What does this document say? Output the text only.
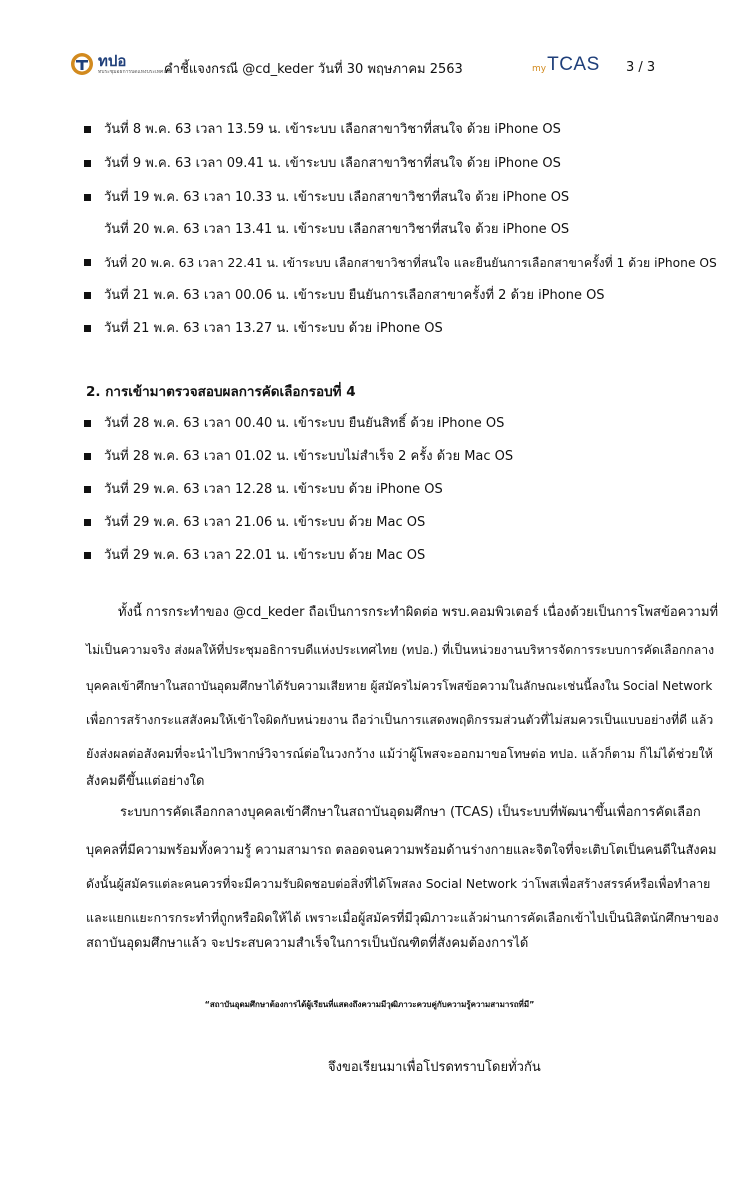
ทปอ
ที่ประชุมอธิการบดีแห่งประเทศไทย
คำชี้แจงกรณี @cd_keder วันที่ 30 พฤษภาคม 2563	my TCAS 3 / 3
วันที่ 8 พ.ค. 63 เวลา 13.59 น. เข้าระบบ เลือกสาขาวิชาที่สนใจ ด้วย iPhone OS
วันที่ 9 พ.ค. 63 เวลา 09.41 น. เข้าระบบ เลือกสาขาวิชาที่สนใจ ด้วย iPhone OS
วันที่ 19 พ.ค. 63 เวลา 10.33 น. เข้าระบบ เลือกสาขาวิชาที่สนใจ ด้วย iPhone OS
วันที่ 20 พ.ค. 63 เวลา 13.41 น. เข้าระบบ เลือกสาขาวิชาที่สนใจ ด้วย iPhone OS
วันที่ 20 พ.ค. 63 เวลา 22.41 น. เข้าระบบ เลือกสาขาวิชาที่สนใจ และยืนยันการเลือกสาขาครั้งที่ 1 ด้วย iPhone OS
วันที่ 21 พ.ค. 63 เวลา 00.06 น. เข้าระบบ ยืนยันการเลือกสาขาครั้งที่ 2 ด้วย iPhone OS
วันที่ 21 พ.ค. 63 เวลา 13.27 น. เข้าระบบ ด้วย iPhone OS
2. การเข้ามาตรวจสอบผลการคัดเลือกรอบที่ 4
วันที่ 28 พ.ค. 63 เวลา 00.40 น. เข้าระบบ ยืนยันสิทธิ์ ด้วย iPhone OS
วันที่ 28 พ.ค. 63 เวลา 01.02 น. เข้าระบบไม่สำเร็จ 2 ครั้ง ด้วย Mac OS
วันที่ 29 พ.ค. 63 เวลา 12.28 น. เข้าระบบ ด้วย iPhone OS
วันที่ 29 พ.ค. 63 เวลา 21.06 น. เข้าระบบ ด้วย Mac OS
วันที่ 29 พ.ค. 63 เวลา 22.01 น. เข้าระบบ ด้วย Mac OS
ทั้งนี้ การกระทำของ @cd_keder ถือเป็นการกระทำผิดต่อ พรบ.คอมพิวเตอร์ เนื่องด้วยเป็นการโพสข้อความที่
ไม่เป็นความจริง ส่งผลให้ที่ประชุมอธิการบดีแห่งประเทศไทย (ทปอ.) ที่เป็นหน่วยงานบริหารจัดการระบบการคัดเลือกกลาง
บุคคลเข้าศึกษาในสถาบันอุดมศึกษาได้รับความเสียหาย ผู้สมัครไม่ควรโพสข้อความในลักษณะเช่นนี้ลงใน Social Network
เพื่อการสร้างกระแสสังคมให้เข้าใจผิดกับหน่วยงาน ถือว่าเป็นการแสดงพฤติกรรมส่วนตัวที่ไม่สมควรเป็นแบบอย่างที่ดี แล้ว
ยังส่งผลต่อสังคมที่จะนำไปวิพากษ์วิจารณ์ต่อในวงกว้าง แม้ว่าผู้โพสจะออกมาขอโทษต่อ ทปอ. แล้วก็ตาม ก็ไม่ได้ช่วยให้
สังคมดีขึ้นแต่อย่างใด
ระบบการคัดเลือกกลางบุคคลเข้าศึกษาในสถาบันอุดมศึกษา (TCAS) เป็นระบบที่พัฒนาขึ้นเพื่อการคัดเลือก
บุคคลที่มีความพร้อมทั้งความรู้ ความสามารถ ตลอดจนความพร้อมด้านร่างกายและจิตใจที่จะเติบโตเป็นคนดีในสังคม
ดังนั้นผู้สมัครแต่ละคนควรที่จะมีความรับผิดชอบต่อสิ่งที่ได้โพสลง Social Network ว่าโพสเพื่อสร้างสรรค์หรือเพื่อทำลาย
และแยกแยะการกระทำที่ถูกหรือผิดให้ได้ เพราะเมื่อผู้สมัครที่มีวุฒิภาวะแล้วผ่านการคัดเลือกเข้าไปเป็นนิสิตนักศึกษาของ
สถาบันอุดมศึกษาแล้ว จะประสบความสำเร็จในการเป็นบัณฑิตที่สังคมต้องการได้
“สถาบันอุดมศึกษาต้องการได้ผู้เรียนที่แสดงถึงความมีวุฒิภาวะควบคู่กับความรู้ความสามารถที่มี”
จึงขอเรียนมาเพื่อโปรดทราบโดยทั่วกัน
